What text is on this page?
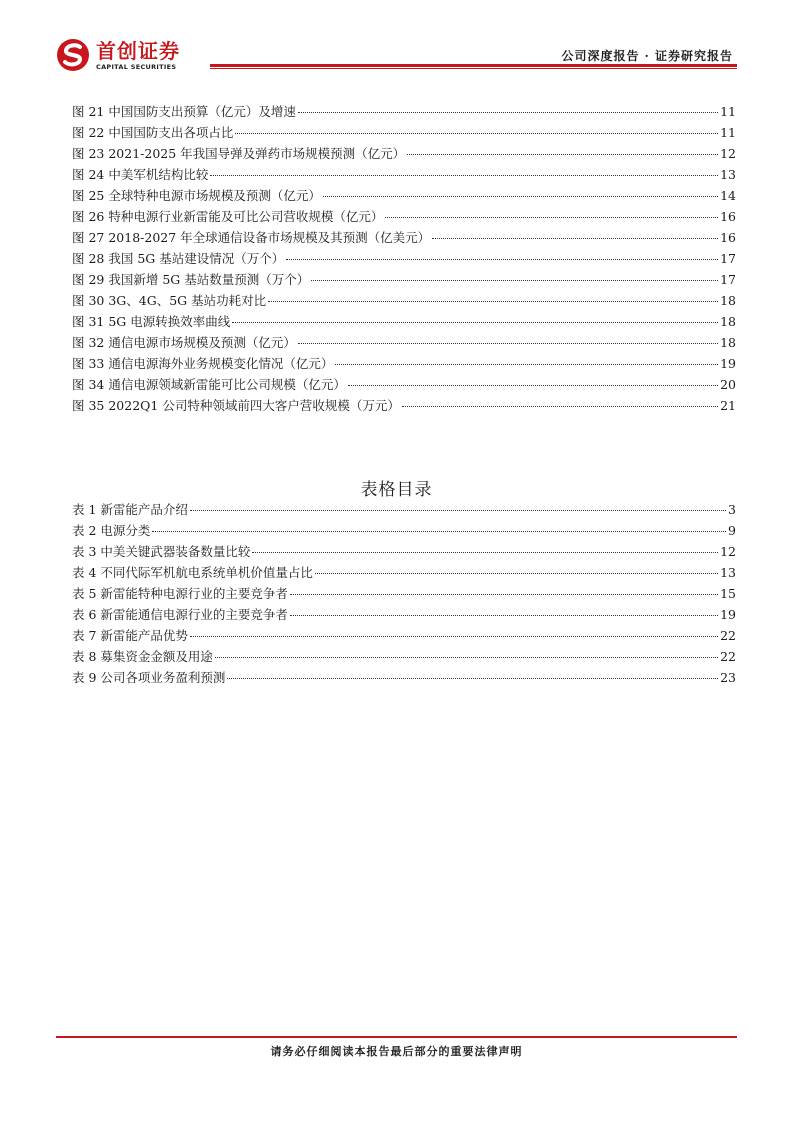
首创证券
CAPITAL SECURITIES
公司深度报告 · 证券研究报告
图 21 中国国防支出预算（亿元）及增速	11
图 22 中国国防支出各项占比	11
图 23 2021-2025 年我国导弹及弹药市场规模预测（亿元）	12
图 24 中美军机结构比较	13
图 25 全球特种电源市场规模及预测（亿元）	14
图 26 特种电源行业新雷能及可比公司营收规模（亿元）	16
图 27 2018-2027 年全球通信设备市场规模及其预测（亿美元）	16
图 28 我国 5G 基站建设情况（万个）	17
图 29 我国新增 5G 基站数量预测（万个）	17
图 30 3G、4G、5G 基站功耗对比	18
图 31 5G 电源转换效率曲线	18
图 32 通信电源市场规模及预测（亿元）	18
图 33 通信电源海外业务规模变化情况（亿元）	19
图 34 通信电源领域新雷能可比公司规模（亿元）	20
图 35 2022Q1 公司特种领域前四大客户营收规模（万元）	21
表格目录
表 1 新雷能产品介绍	3
表 2 电源分类	9
表 3 中美关键武器装备数量比较	12
表 4 不同代际军机航电系统单机价值量占比	13
表 5 新雷能特种电源行业的主要竞争者	15
表 6 新雷能通信电源行业的主要竞争者	19
表 7 新雷能产品优势	22
表 8 募集资金金额及用途	22
表 9 公司各项业务盈利预测	23
请务必仔细阅读本报告最后部分的重要法律声明
